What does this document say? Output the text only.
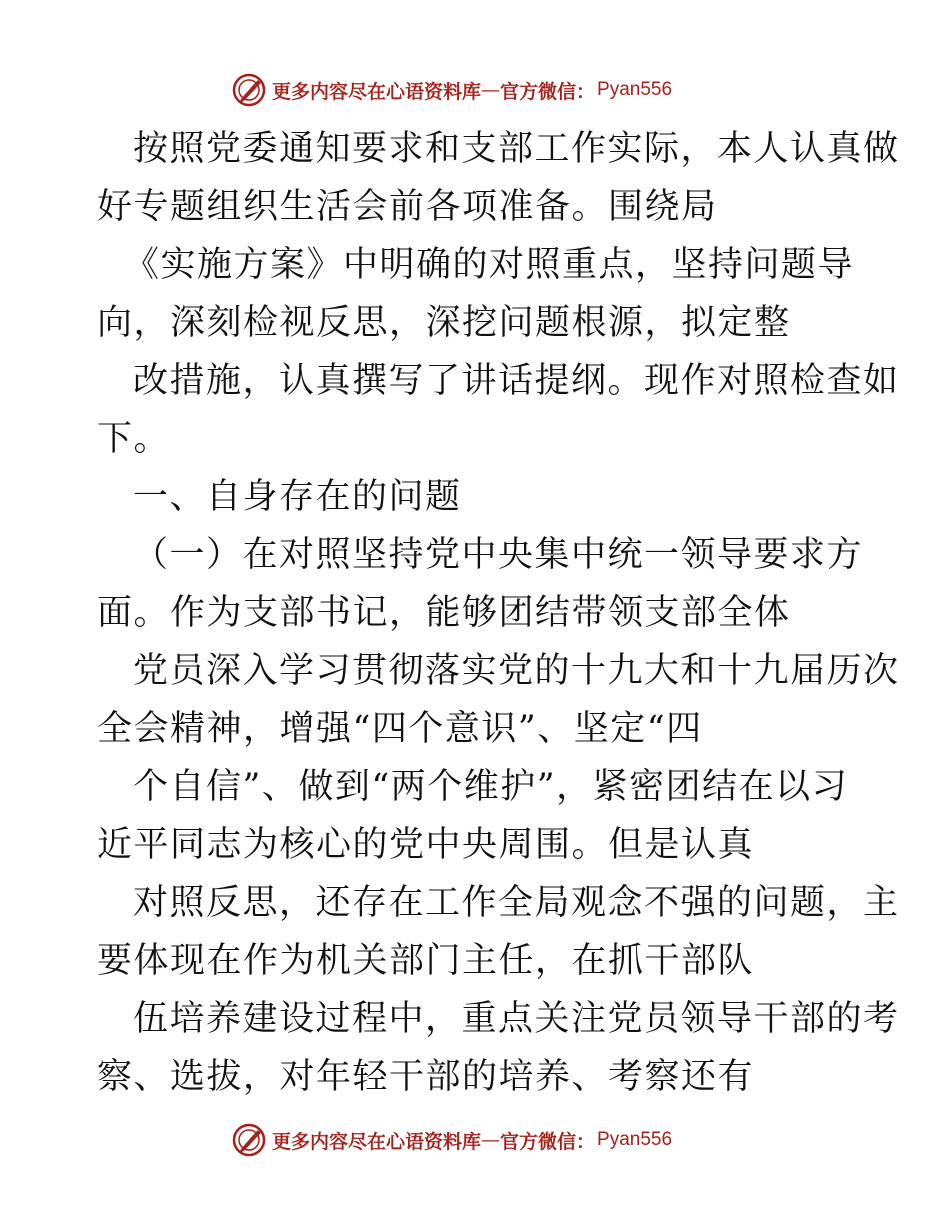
更多内容尽在心语资料库 — 官方微信： Pyan556
按照党委通知要求和支部工作实际，本人认真做
好专题组织生活会前各项准备。围绕局
《实施方案》中明确的对照重点，坚持问题导
向，深刻检视反思，深挖问题根源，拟定整
改措施，认真撰写了讲话提纲。现作对照检查如
下。
一、自身存在的问题
（一）在对照坚持党中央集中统一领导要求方
面。作为支部书记，能够团结带领支部全体
党员深入学习贯彻落实党的十九大和十九届历次
全会精神，增强“四个意识”、坚定“四
个自信”、做到“两个维护”，紧密团结在以习
近平同志为核心的党中央周围。但是认真
对照反思，还存在工作全局观念不强的问题，主
要体现在作为机关部门主任，在抓干部队
伍培养建设过程中，重点关注党员领导干部的考
察、选拔，对年轻干部的培养、考察还有
更多内容尽在心语资料库 — 官方微信： Pyan556
